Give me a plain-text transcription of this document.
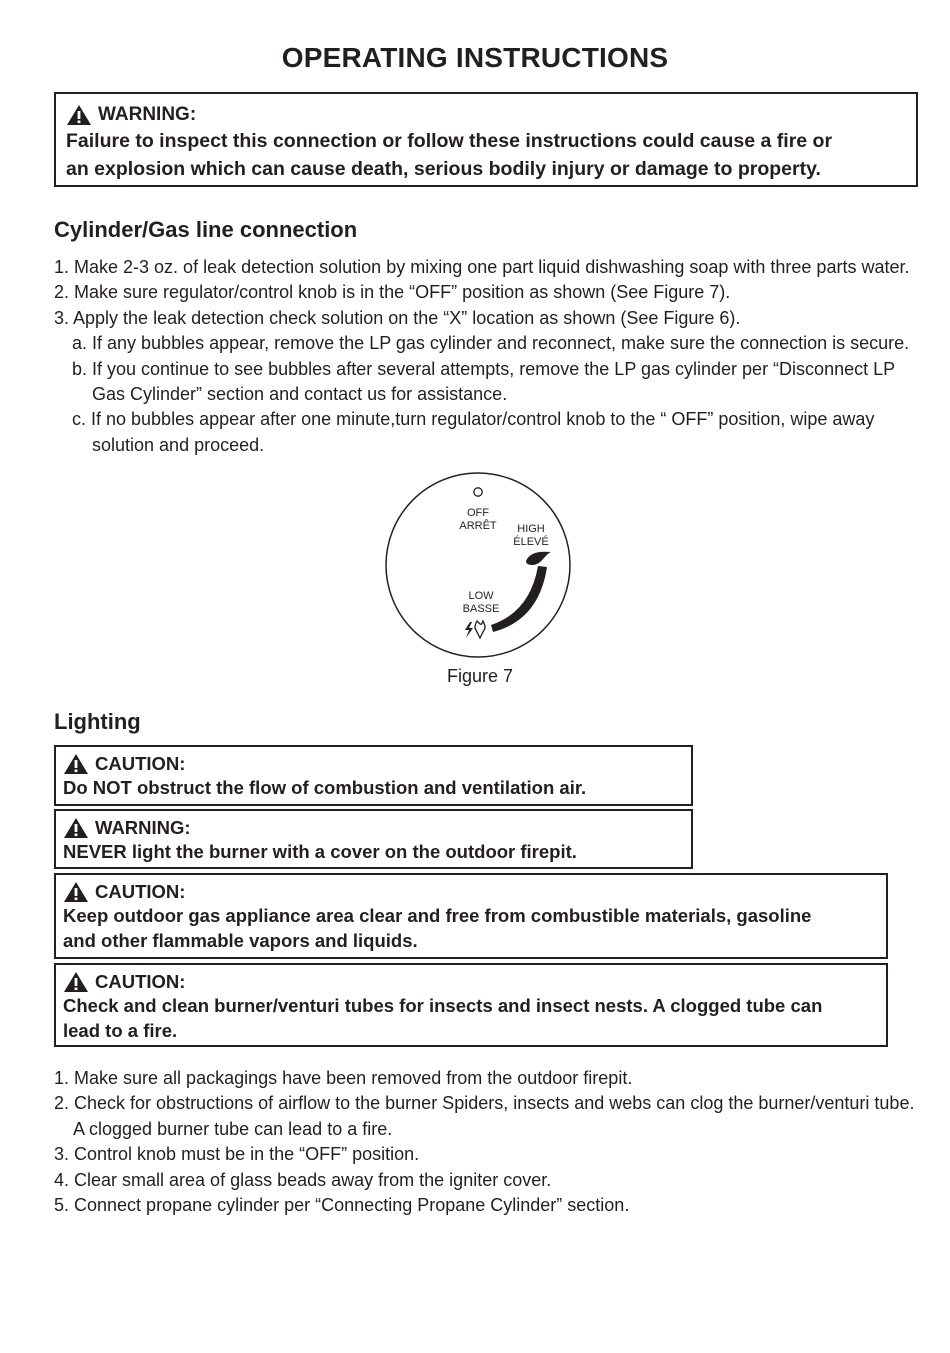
OPERATING INSTRUCTIONS
WARNING:
Failure to inspect this connection or follow these instructions could cause a fire or
an explosion which can cause death, serious bodily injury or damage to property.
Cylinder/Gas line connection
1. Make 2-3 oz. of leak detection solution by mixing one part liquid dishwashing soap with three parts water.
2. Make sure regulator/control knob is in the “OFF” position as shown (See Figure 7).
3. Apply the leak detection check solution on the “X” location as shown (See Figure 6).
a. If any bubbles appear, remove the LP gas cylinder and reconnect, make sure the connection is secure.
b. If you continue to see bubbles after several attempts, remove the LP gas cylinder per “Disconnect LP
Gas Cylinder” section and contact us for assistance.
c. If no bubbles appear after one minute,turn regulator/control knob to the “ OFF” position, wipe away
solution and proceed.
OFF
ARRÊT HIGH
ÉLEVÉ
LOW
BASSE
Figure 7
Lighting
CAUTION:
Do NOT obstruct the flow of combustion and ventilation air.
WARNING:
NEVER light the burner with a cover on the outdoor firepit.
CAUTION:
Keep outdoor gas appliance area clear and free from combustible materials, gasoline
and other flammable vapors and liquids.
CAUTION:
Check and clean burner/venturi tubes for insects and insect nests. A clogged tube can
lead to a fire.
1. Make sure all packagings have been removed from the outdoor firepit.
2. Check for obstructions of airflow to the burner Spiders, insects and webs can clog the burner/venturi tube.
A clogged burner tube can lead to a fire.
3. Control knob must be in the “OFF” position.
4. Clear small area of glass beads away from the igniter cover.
5. Connect propane cylinder per “Connecting Propane Cylinder” section.
